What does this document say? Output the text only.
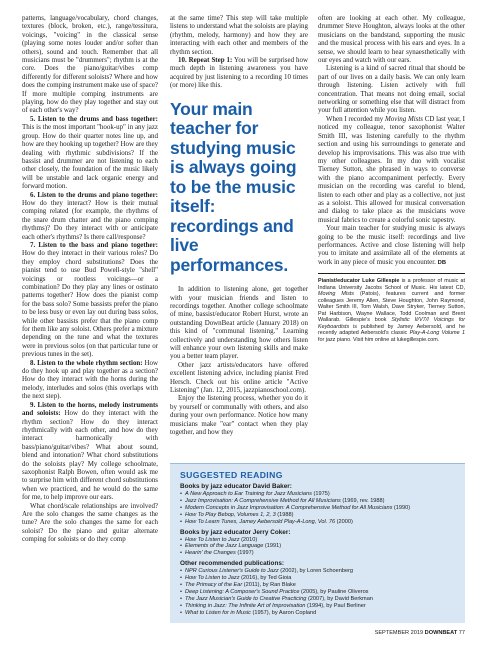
patterns, language/vocabulary, chord changes, textures (block, broken, etc.), range/tessitura, voicings, "voicing" in the classical sense (playing some notes louder and/or softer than others), sound and touch. Remember that all musicians must be "drummers"; rhythm is at the core. Does the piano/guitar/vibes comp differently for different soloists? Where and how does the comping instrument make use of space? If more multiple comping instruments are playing, how do they play together and stay out of each other's way?

5. Listen to the drums and bass together: This is the most important "hook-up" in any jazz group. How do their quarter notes line up, and how are they hooking up together? How are they dealing with rhythmic subdivisions? If the bassist and drummer are not listening to each other closely, the foundation of the music likely will be unstable and lack organic energy and forward motion.

6. Listen to the drums and piano together: How do they interact? How is their mutual comping related (for example, the rhythms of the snare drum chatter and the piano comping rhythms)? Do they interact with or anticipate each other's rhythms? Is there call/response?

7. Listen to the bass and piano together: How do they interact in their various roles? Do they employ chord substitutions? Does the pianist tend to use Bud Powell-style "shell" voicings or rootless voicings—or a combination? Do they play any lines or ostinato patterns together? How does the pianist comp for the bass solo? Some bassists prefer the piano to be less busy or even lay out during bass solos, while other bassists prefer that the piano comp for them like any soloist. Others prefer a mixture depending on the tune and what the textures were in previous solos (on that particular tune or previous tunes in the set).

8. Listen to the whole rhythm section: How do they hook up and play together as a section? How do they interact with the horns during the melody, interludes and solos (this overlaps with the next step).

9. Listen to the horns, melody instruments and soloists: How do they interact with the rhythm section? How do they interact rhythmically with each other, and how do they interact harmonically with bass/piano/guitar/vibes? What about sound, blend and intonation? What chord substitutions do the soloists play? My college schoolmate, saxophonist Ralph Bowen, often would ask me to surprise him with different chord substitutions when we practiced, and he would do the same for me, to help improve our ears.

What chord/scale relationships are involved? Are the solo changes the same changes as the tune? Are the solo changes the same for each soloist? Do the piano and guitar alternate comping for soloists or do they comp

at the same time? This step will take multiple listens to understand what the soloists are playing (rhythm, melody, harmony) and how they are interacting with each other and members of the rhythm section.

10. Repeat Step 1: You will be surprised how much depth in listening awareness you have acquired by just listening to a recording 10 times (or more) like this.

Your main teacher for studying music is always going to be the music itself: recordings and live performances.

In addition to listening alone, get together with your musician friends and listen to recordings together. Another college schoolmate of mine, bassist/educator Robert Hurst, wrote an outstanding DownBeat article (January 2018) on this kind of "communal listening." Learning collectively and understanding how others listen will enhance your own listening skills and make you a better team player.

Other jazz artists/educators have offered excellent listening advice, including pianist Fred Hersch. Check out his online article "Active Listening" (Jan. 12, 2015, jazzpianoschool.com).

Enjoy the listening process, whether you do it by yourself or communally with others, and also during your own performance. Notice how many musicians make "ear" contact when they play together, and how they

often are looking at each other. My colleague, drummer Steve Houghton, always looks at the other musicians on the bandstand, supporting the music and the musical process with his ears and eyes. In a sense, we should learn to hear synaesthetically with our eyes and watch with our ears.

Listening is a kind of sacred ritual that should be part of our lives on a daily basis. We can only learn through listening. Listen actively with full concentration. That means not doing email, social networking or something else that will distract from your full attention while you listen.

When I recorded my Moving Mists CD last year, I noticed my colleague, tenor saxophonist Walter Smith III, was listening carefully to the rhythm section and using his surroundings to generate and develop his improvisations. This was also true with my other colleagues. In my duo with vocalist Tierney Sutton, she phrased in ways to converse with the piano accompaniment perfectly. Every musician on the recording was careful to blend, listen to each other and play as a collective, not just as a soloist. This allowed for musical conversation and dialog to take place as the musicians wove musical fabrics to create a colorful sonic tapestry.

Your main teacher for studying music is always going to be the music itself: recordings and live performances. Active and close listening will help you to imitate and assimilate all of the elements at work in any piece of music you encounter. DB

Pianist/educator Luke Gillespie is a professor of music at Indiana University Jacobs School of Music. His latest CD, Moving Mists (Patois), features current and former colleagues Jeremy Allen, Steve Houghton, John Raymond, Walter Smith III, Tom Walsh, Dave Stryker, Tierney Sutton, Pat Harbison, Wayne Wallace, Todd Coolman and Brent Wallarab. Gillespie's book Stylistic II/V7/I Voicings for Keyboardists is published by Jamey Aebersold, and he recently adapted Aebersold's classic Play-A-Long Volume 1 for jazz piano. Visit him online at lukegillespie.com.
SUGGESTED READING
Books by jazz educator David Baker:
• A New Approach to Ear Training for Jazz Musicians (1975)
• Jazz Improvisation: A Comprehensive Method for All Musicians (1969, rev. 1988)
• Modern Concepts in Jazz Improvisation: A Comprehensive Method for All Musicians (1990)
• How To Play Bebop, Volumes 1, 2, 3 (1988)
• How To Learn Tunes, Jamey Aebersold Play-A-Long, Vol. 76 (2000)
Books by jazz educator Jerry Coker:
• How To Listen to Jazz (2010)
• Elements of the Jazz Language (1991)
• Hearin' the Changes (1997)
Other recommended publications:
• NPR Curious Listener's Guide to Jazz (2002), by Loren Schoenberg
• How To Listen to Jazz (2016), by Ted Gioia
• The Primacy of the Ear (2011), by Ran Blake
• Deep Listening: A Composer's Sound Practice (2005), by Pauline Oliveros
• The Jazz Musician's Guide to Creative Practicing (2007), by David Berkman
• Thinking in Jazz: The Infinite Art of Improvisation (1994), by Paul Berliner
• What to Listen for in Music (1957), by Aaron Copland
SEPTEMBER 2019 DOWNBEAT 77
